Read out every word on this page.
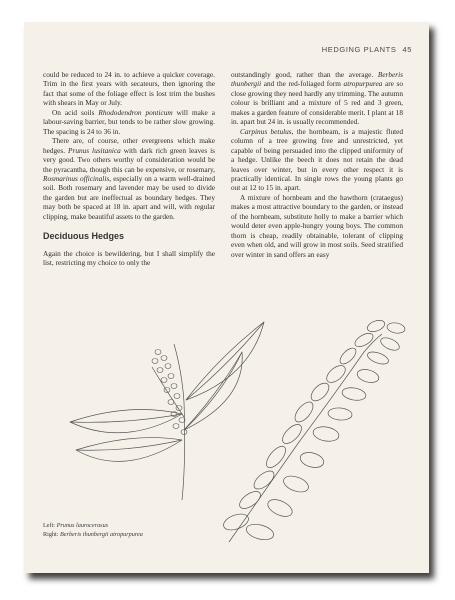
HEDGING PLANTS 45

could be reduced to 24 in. to achieve a quicker coverage. Trim in the first years with secateurs, then ignoring the fact that some of the foliage effect is lost trim the bushes with shears in May or July.

On acid soils Rhododendron ponticum will make a labour-saving barrier, but tends to be rather slow growing. The spacing is 24 to 36 in.

There are, of course, other evergreens which make hedges. Prunus lusitanica with dark rich green leaves is very good. Two others worthy of consideration would be the pyracantha, though this can be expensive, or rosemary, Rosmarinus officinalis, especially on a warm well-drained soil. Both rosemary and lavender may be used to divide the garden but are ineffectual as boundary hedges. They may both be spaced at 18 in. apart and will, with regular clipping, make beautiful assets to the garden.

Deciduous Hedges

Again the choice is bewildering, but I shall simplify the list, restricting my choice to only the

outstandingly good, rather than the average. Berberis thunbergii and the red-foliaged form atropurpurea are so close growing they need hardly any trimming. The autumn colour is brilliant and a mixture of 5 red and 3 green, makes a garden feature of considerable merit. I plant at 18 in. apart but 24 in. is usually recommended.

Carpinus betulus, the hornbeam, is a majestic fluted column of a tree growing free and unrestricted, yet capable of being persuaded into the clipped uniformity of a hedge. Unlike the beech it does not retain the dead leaves over winter, but in every other respect it is practically identical. In single rows the young plants go out at 12 to 15 in. apart.

A mixture of hornbeam and the hawthorn (crataegus) makes a most attractive boundary to the garden, or instead of the hornbeam, substitute holly to make a barrier which would deter even apple-hungry young boys. The common thorn is cheap, readily obtainable, tolerant of clipping even when old, and will grow in most soils. Seed stratified over winter in sand offers an easy

Left: Prunus laurocerasus
Right: Berberis thunbergii atropurpurea
